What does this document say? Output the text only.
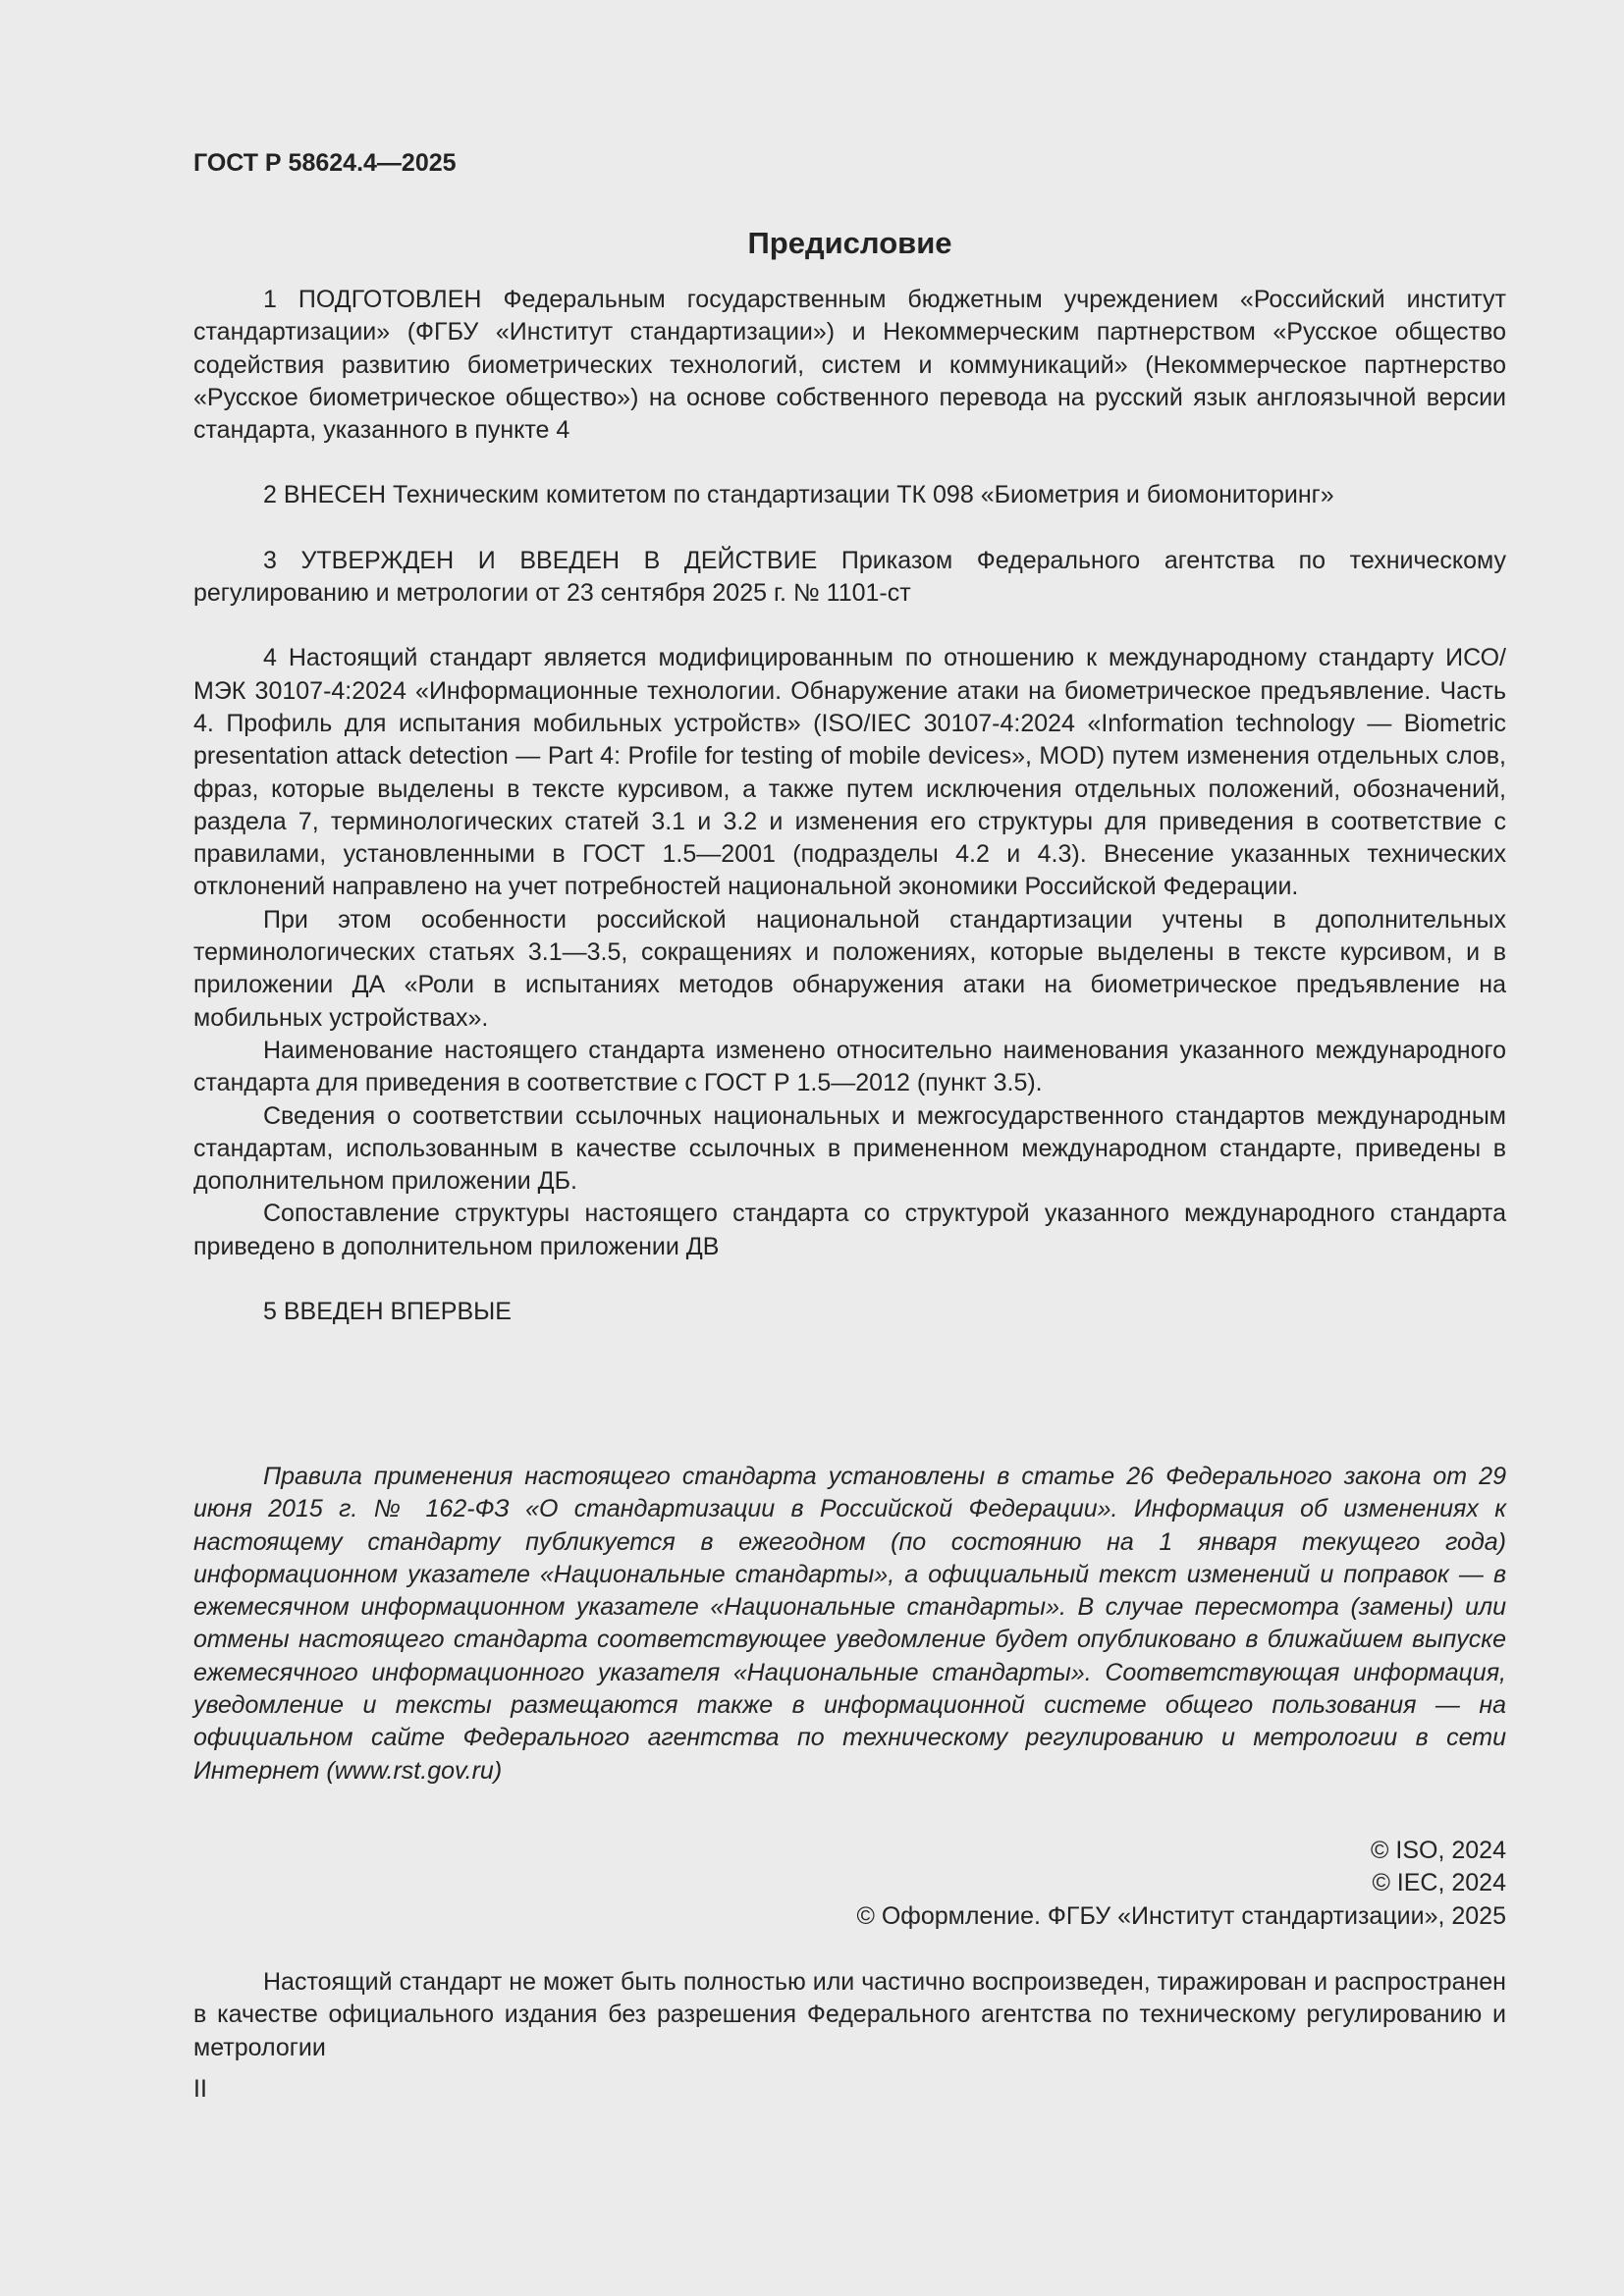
ГОСТ Р 58624.4—2025
Предисловие

1 ПОДГОТОВЛЕН Федеральным государственным бюджетным учреждением «Российский институт стандартизации» (ФГБУ «Институт стандартизации») и Некоммерческим партнерством «Русское общество содействия развитию биометрических технологий, систем и коммуникаций» (Некоммерческое партнерство «Русское биометрическое общество») на основе собственного перевода на русский язык англоязычной версии стандарта, указанного в пункте 4

2 ВНЕСЕН Техническим комитетом по стандартизации ТК 098 «Биометрия и биомониторинг»

3 УТВЕРЖДЕН И ВВЕДЕН В ДЕЙСТВИЕ Приказом Федерального агентства по техническому регулированию и метрологии от 23 сентября 2025 г. № 1101-ст

4 Настоящий стандарт является модифицированным по отношению к международному стандарту ИСО/МЭК 30107-4:2024 «Информационные технологии. Обнаружение атаки на биометрическое предъявление. Часть 4. Профиль для испытания мобильных устройств» (ISO/IEC 30107-4:2024 «Information technology — Biometric presentation attack detection — Part 4: Profile for testing of mobile devices», MOD) путем изменения отдельных слов, фраз, которые выделены в тексте курсивом, а также путем исключения отдельных положений, обозначений, раздела 7, терминологических статей 3.1 и 3.2 и изменения его структуры для приведения в соответствие с правилами, установленными в ГОСТ 1.5—2001 (подразделы 4.2 и 4.3). Внесение указанных технических отклонений направлено на учет потребностей национальной экономики Российской Федерации.

При этом особенности российской национальной стандартизации учтены в дополнительных терминологических статьях 3.1—3.5, сокращениях и положениях, которые выделены в тексте курсивом, и в приложении ДА «Роли в испытаниях методов обнаружения атаки на биометрическое предъявление на мобильных устройствах».

Наименование настоящего стандарта изменено относительно наименования указанного международного стандарта для приведения в соответствие с ГОСТ Р 1.5—2012 (пункт 3.5).

Сведения о соответствии ссылочных национальных и межгосударственного стандартов международным стандартам, использованным в качестве ссылочных в примененном международном стандарте, приведены в дополнительном приложении ДБ.

Сопоставление структуры настоящего стандарта со структурой указанного международного стандарта приведено в дополнительном приложении ДВ

5 ВВЕДЕН ВПЕРВЫЕ

Правила применения настоящего стандарта установлены в статье 26 Федерального закона от 29 июня 2015 г. № 162-ФЗ «О стандартизации в Российской Федерации». Информация об изменениях к настоящему стандарту публикуется в ежегодном (по состоянию на 1 января текущего года) информационном указателе «Национальные стандарты», а официальный текст изменений и поправок — в ежемесячном информационном указателе «Национальные стандарты». В случае пересмотра (замены) или отмены настоящего стандарта соответствующее уведомление будет опубликовано в ближайшем выпуске ежемесячного информационного указателя «Национальные стандарты». Соответствующая информация, уведомление и тексты размещаются также в информационной системе общего пользования — на официальном сайте Федерального агентства по техническому регулированию и метрологии в сети Интернет (www.rst.gov.ru)

© ISO, 2024
© IEC, 2024
© Оформление. ФГБУ «Институт стандартизации», 2025

Настоящий стандарт не может быть полностью или частично воспроизведен, тиражирован и распространен в качестве официального издания без разрешения Федерального агентства по техническому регулированию и метрологии

II
